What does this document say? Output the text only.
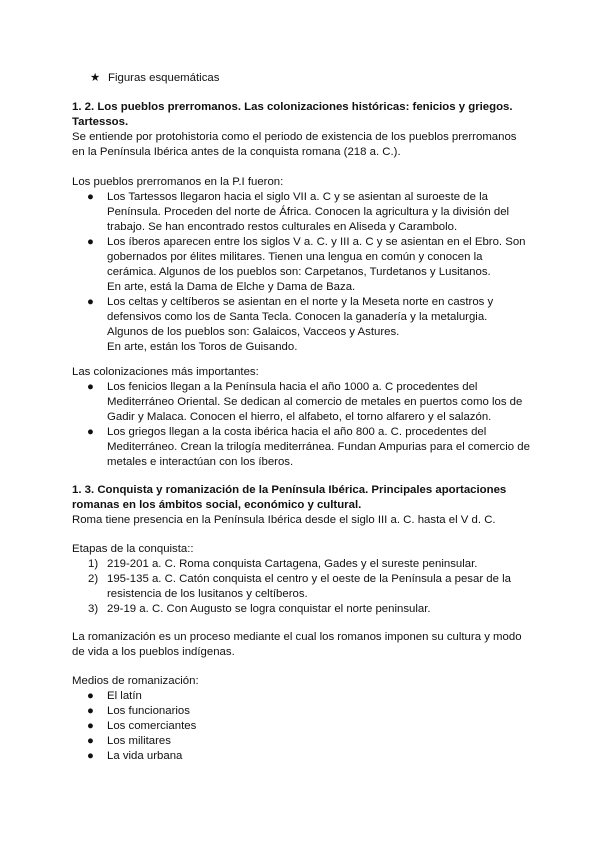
★ Figuras esquemáticas

1. 2. Los pueblos prerromanos. Las colonizaciones históricas: fenicios y griegos. Tartessos.

Se entiende por protohistoria como el periodo de existencia de los pueblos prerromanos en la Península Ibérica antes de la conquista romana (218 a. C.).

Los pueblos prerromanos en la P.I fueron:

● Los Tartessos llegaron hacia el siglo VII a. C y se asientan al suroeste de la Península. Proceden del norte de África. Conocen la agricultura y la división del trabajo. Se han encontrado restos culturales en Aliseda y Carambolo.
● Los íberos aparecen entre los siglos V a. C. y III a. C y se asientan en el Ebro. Son gobernados por élites militares. Tienen una lengua en común y conocen la cerámica. Algunos de los pueblos son: Carpetanos, Turdetanos y Lusitanos.
En arte, está la Dama de Elche y Dama de Baza.
● Los celtas y celtíberos se asientan en el norte y la Meseta norte en castros y defensivos como los de Santa Tecla. Conocen la ganadería y la metalurgia. Algunos de los pueblos son: Galaicos, Vacceos y Astures.
En arte, están los Toros de Guisando.

Las colonizaciones más importantes:

● Los fenicios llegan a la Península hacia el año 1000 a. C procedentes del Mediterráneo Oriental. Se dedican al comercio de metales en puertos como los de Gadir y Malaca. Conocen el hierro, el alfabeto, el torno alfarero y el salazón.
● Los griegos llegan a la costa ibérica hacia el año 800 a. C. procedentes del Mediterráneo. Crean la trilogía mediterránea. Fundan Ampurias para el comercio de metales e interactúan con los íberos.

1. 3. Conquista y romanización de la Península Ibérica. Principales aportaciones romanas en los ámbitos social, económico y cultural.

Roma tiene presencia en la Península Ibérica desde el siglo III a. C. hasta el V d. C.

Etapas de la conquista::

1) 219-201 a. C. Roma conquista Cartagena, Gades y el sureste peninsular.
2) 195-135 a. C. Catón conquista el centro y el oeste de la Península a pesar de la resistencia de los lusitanos y celtíberos.
3) 29-19 a. C. Con Augusto se logra conquistar el norte peninsular.

La romanización es un proceso mediante el cual los romanos imponen su cultura y modo de vida a los pueblos indígenas.

Medios de romanización:

● El latín
● Los funcionarios
● Los comerciantes
● Los militares
● La vida urbana
